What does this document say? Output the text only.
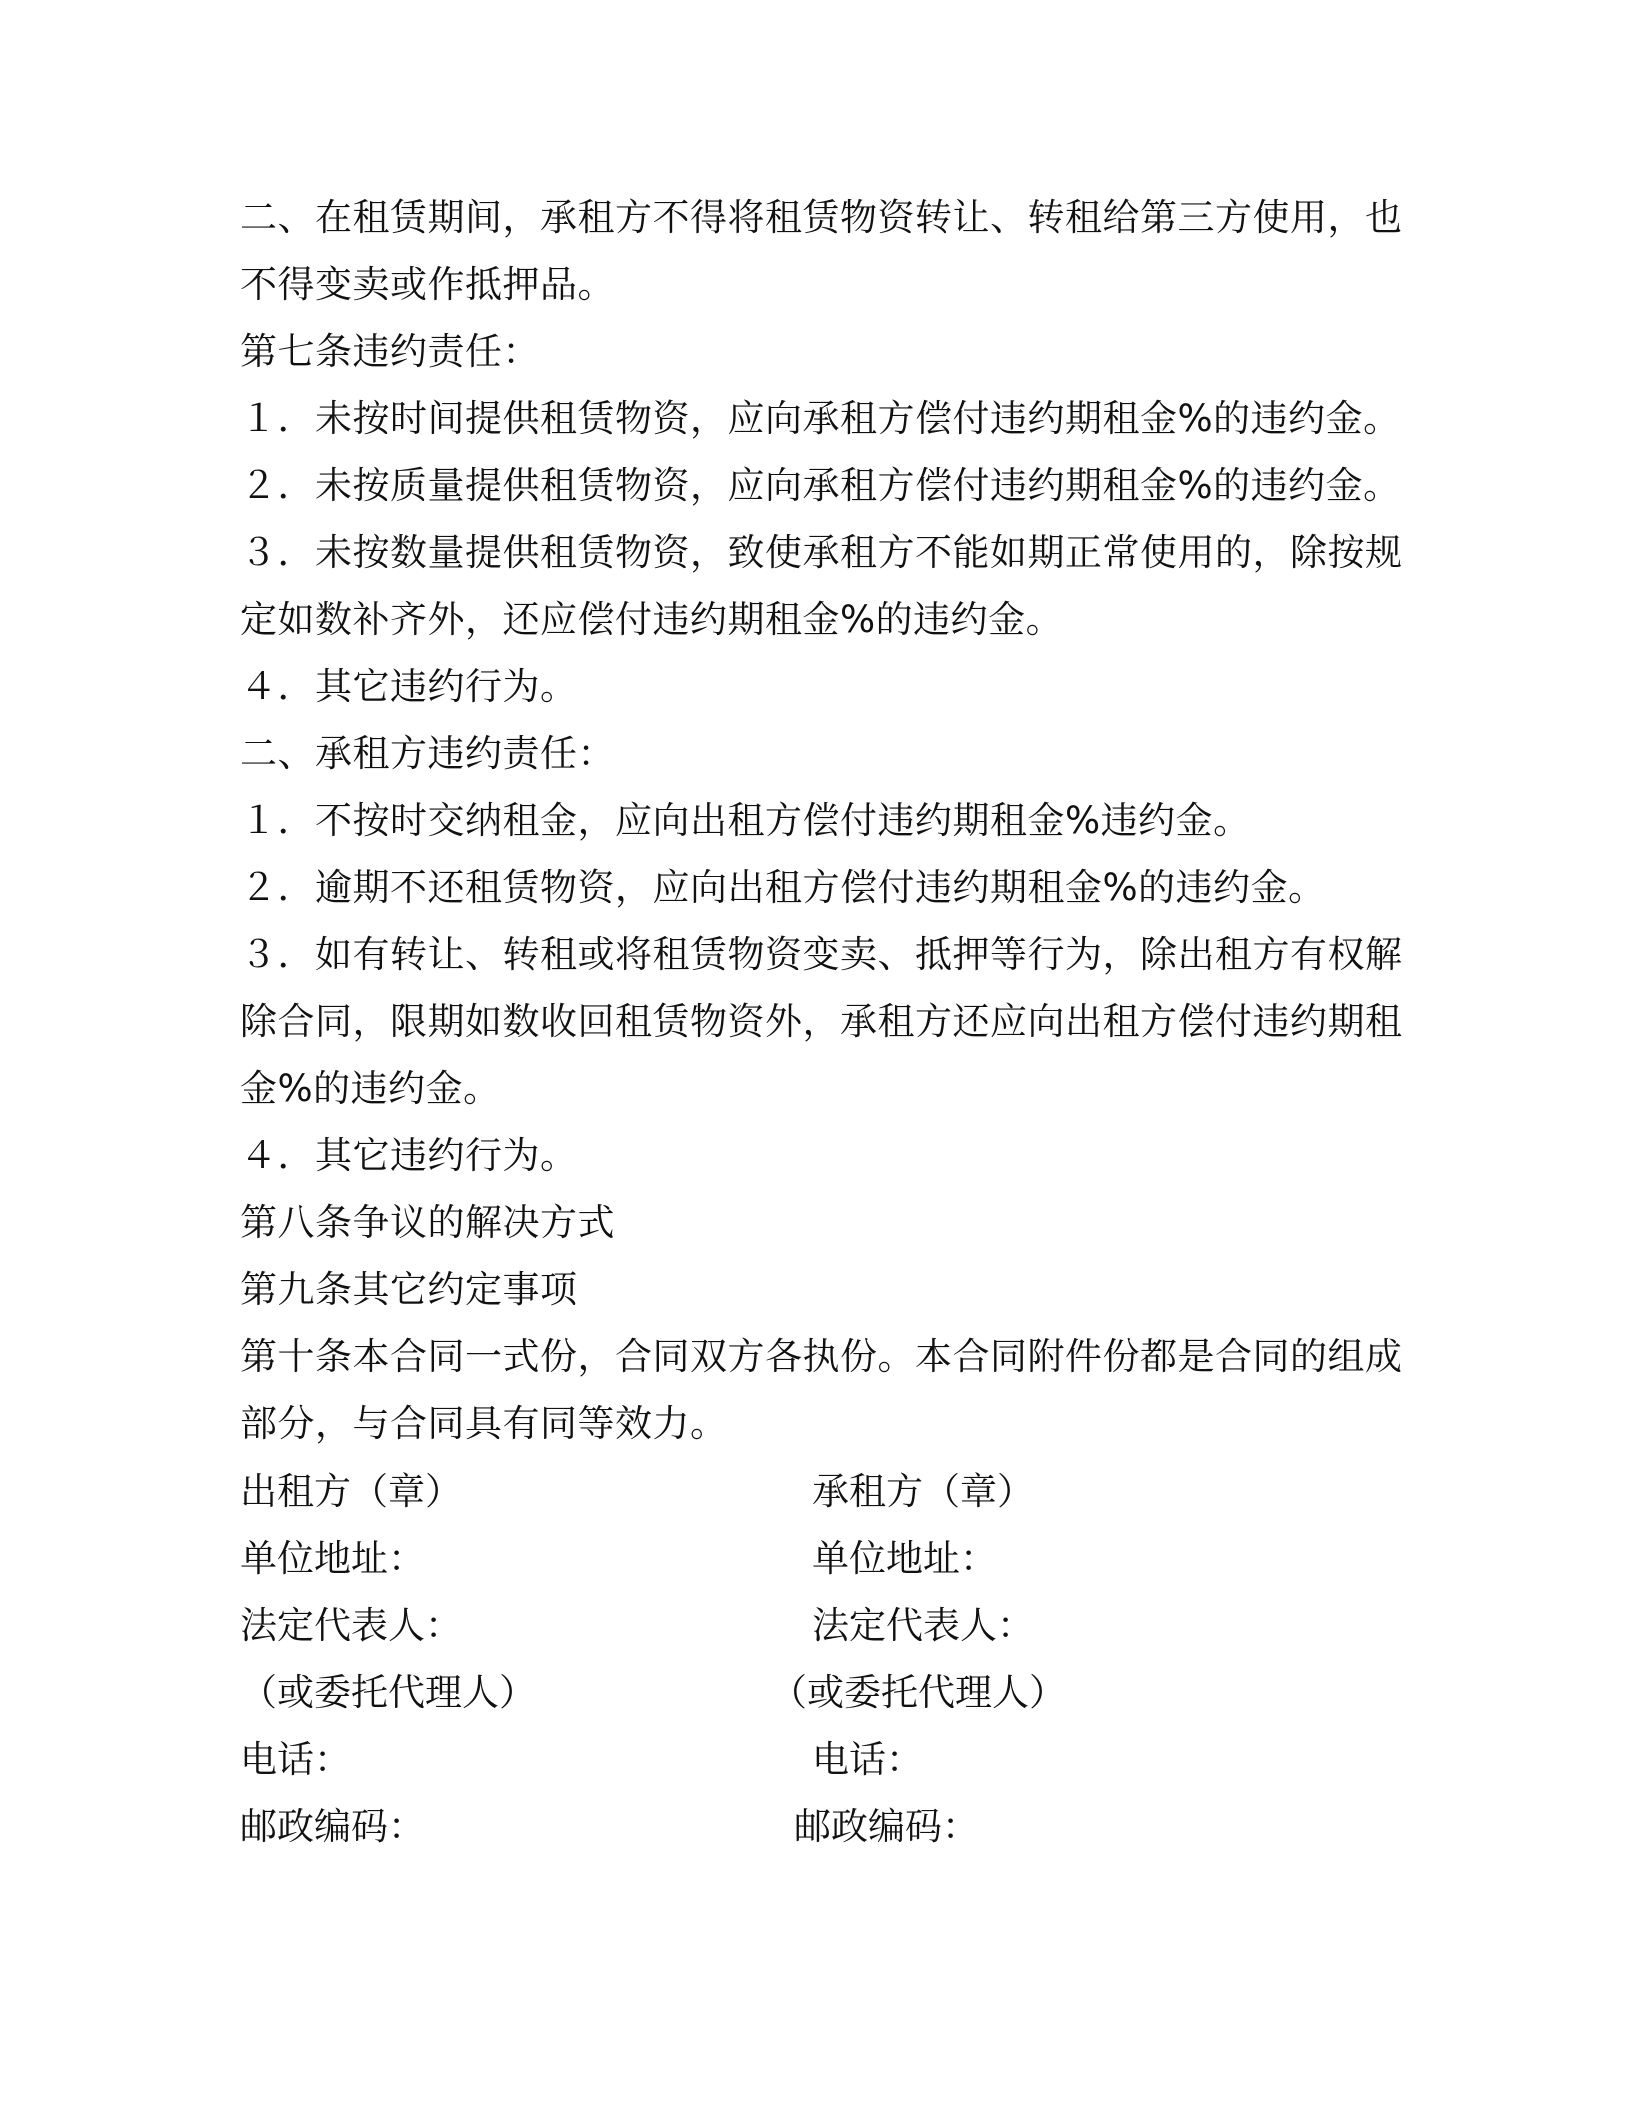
二、在租赁期间，承租方不得将租赁物资转让、转租给第三方使用，也
不得变卖或作抵押品。
第七条违约责任：
１．未按时间提供租赁物资，应向承租方偿付违约期租金%的违约金。
２．未按质量提供租赁物资，应向承租方偿付违约期租金%的违约金。
３．未按数量提供租赁物资，致使承租方不能如期正常使用的，除按规
定如数补齐外，还应偿付违约期租金%的违约金。
４．其它违约行为。
二、承租方违约责任：
１．不按时交纳租金，应向出租方偿付违约期租金%违约金。
２．逾期不还租赁物资，应向出租方偿付违约期租金%的违约金。
３．如有转让、转租或将租赁物资变卖、抵押等行为，除出租方有权解
除合同，限期如数收回租赁物资外，承租方还应向出租方偿付违约期租
金%的违约金。
４．其它违约行为。
第八条争议的解决方式
第九条其它约定事项
第十条本合同一式份，合同双方各执份。本合同附件份都是合同的组成
部分，与合同具有同等效力。
出租方（章）	承租方（章）
单位地址：	单位地址：
法定代表人：	法定代表人：
（或委托代理人）	（或委托代理人）
电话：	电话：
邮政编码：	邮政编码：
